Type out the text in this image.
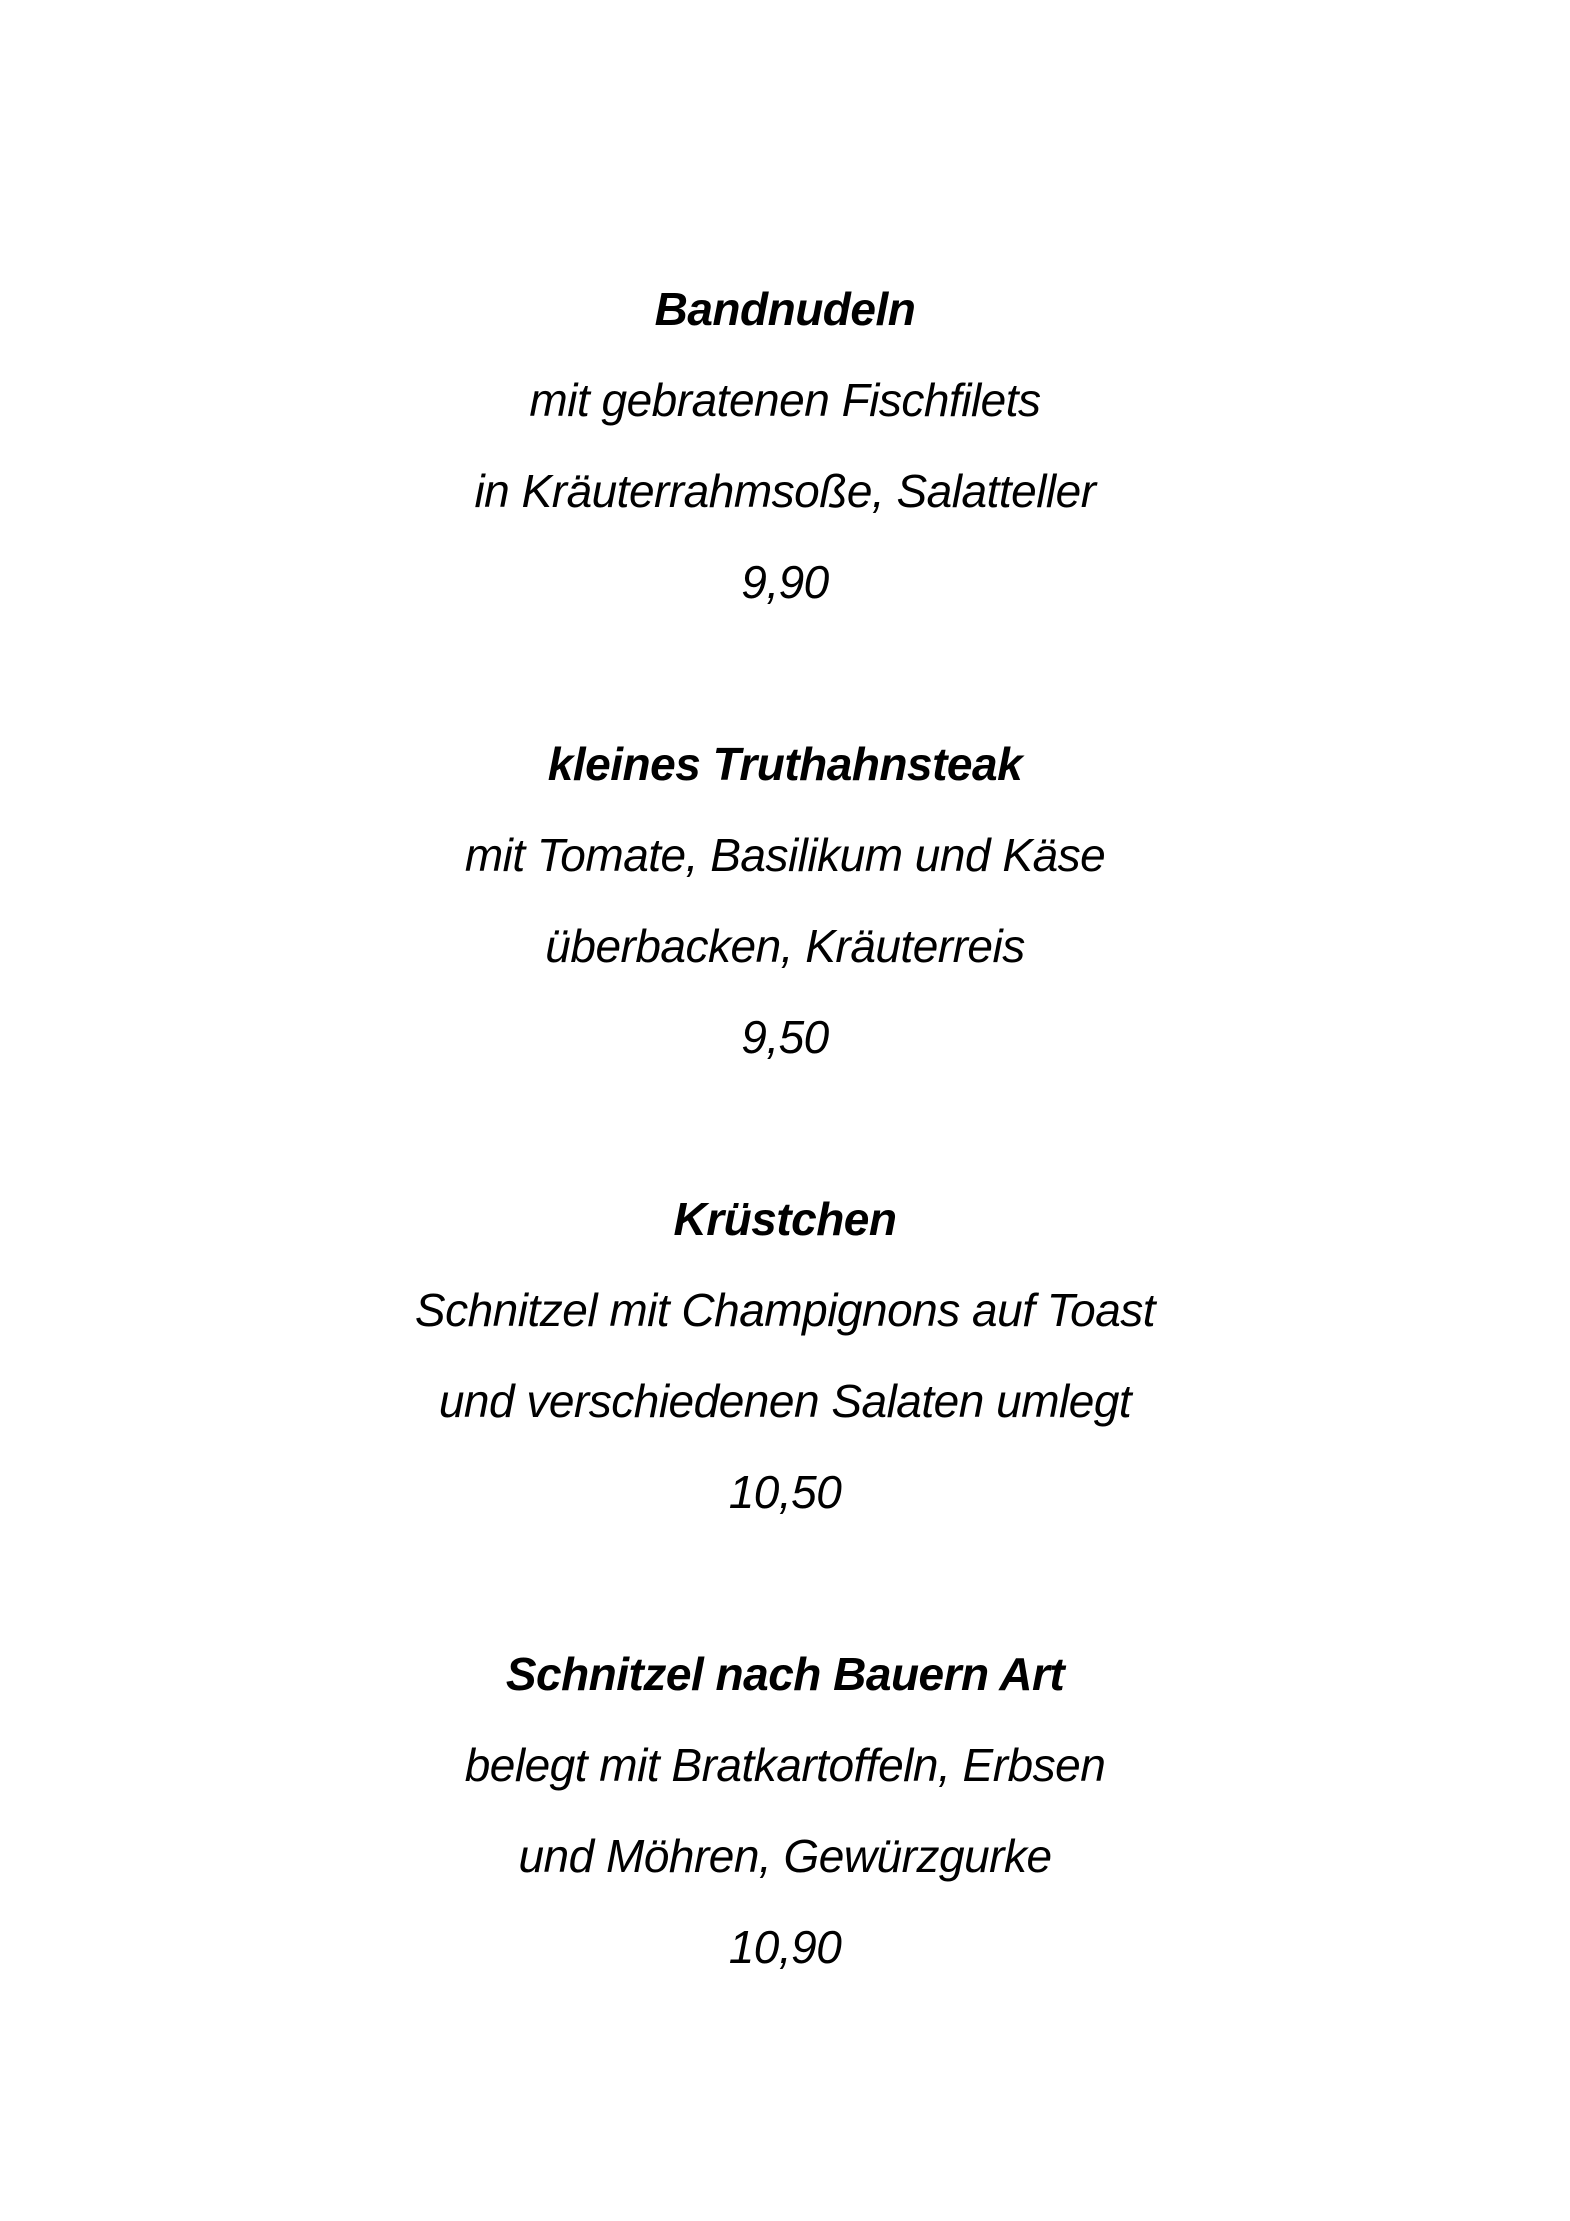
Bandnudeln
mit gebratenen Fischfilets
in Kräuterrahmsoße, Salatteller
9,90
kleines Truthahnsteak
mit Tomate, Basilikum und Käse
überbacken, Kräuterreis
9,50
Krüstchen
Schnitzel mit Champignons auf Toast
und verschiedenen Salaten umlegt
10,50
Schnitzel nach Bauern Art
belegt mit Bratkartoffeln, Erbsen
und Möhren, Gewürzgurke
10,90
